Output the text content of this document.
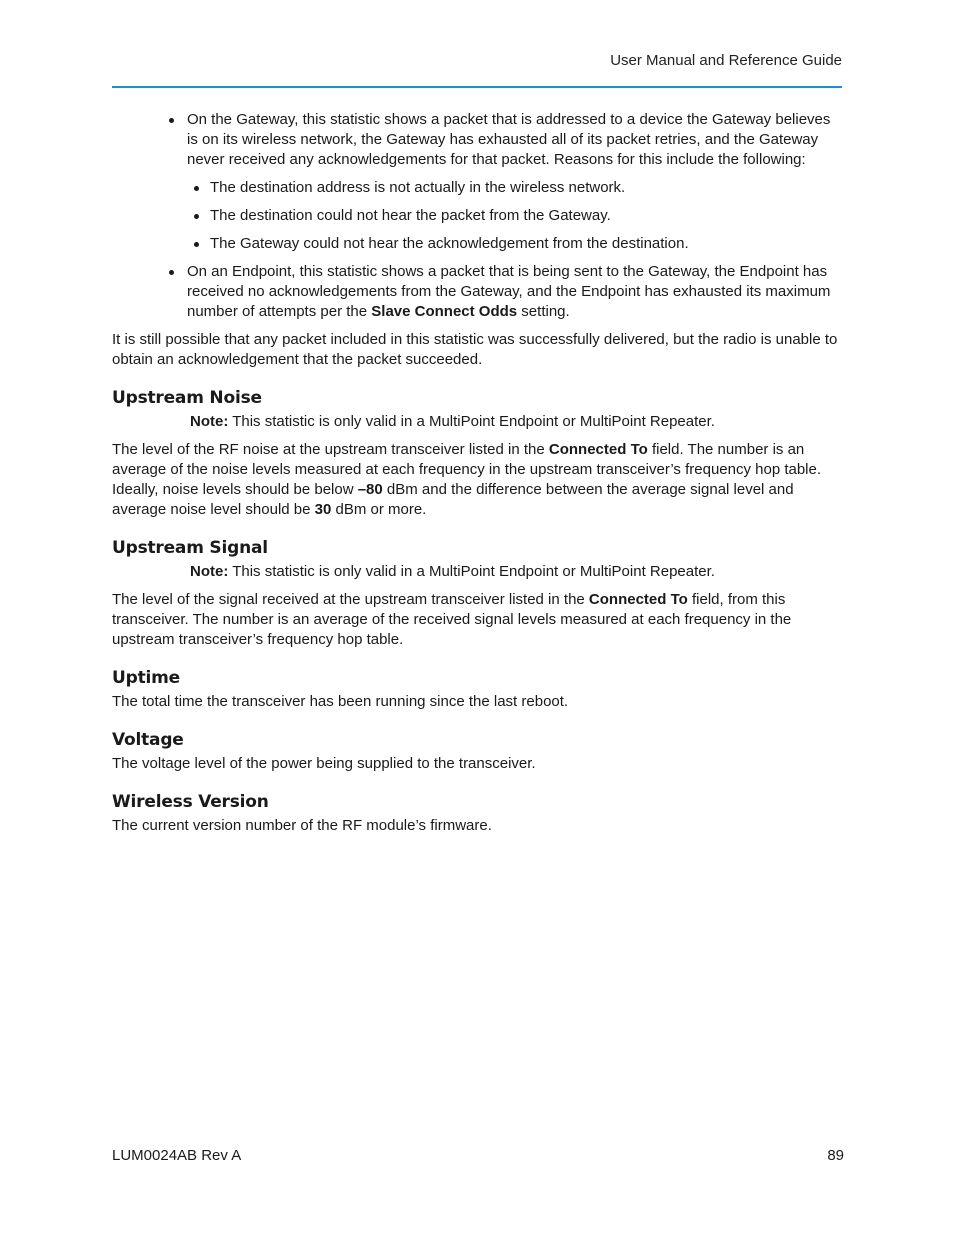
User Manual and Reference Guide
On the Gateway, this statistic shows a packet that is addressed to a device the Gateway believes is on its wireless network, the Gateway has exhausted all of its packet retries, and the Gateway never received any acknowledgements for that packet. Reasons for this include the following:
The destination address is not actually in the wireless network.
The destination could not hear the packet from the Gateway.
The Gateway could not hear the acknowledgement from the destination.
On an Endpoint, this statistic shows a packet that is being sent to the Gateway, the Endpoint has received no acknowledgements from the Gateway, and the Endpoint has exhausted its maximum number of attempts per the Slave Connect Odds setting.

It is still possible that any packet included in this statistic was successfully delivered, but the radio is unable to obtain an acknowledgement that the packet succeeded.

Upstream Noise

Note: This statistic is only valid in a MultiPoint Endpoint or MultiPoint Repeater.

The level of the RF noise at the upstream transceiver listed in the Connected To field. The number is an average of the noise levels measured at each frequency in the upstream transceiver’s frequency hop table. Ideally, noise levels should be below –80 dBm and the difference between the average signal level and average noise level should be 30 dBm or more.

Upstream Signal

Note: This statistic is only valid in a MultiPoint Endpoint or MultiPoint Repeater.

The level of the signal received at the upstream transceiver listed in the Connected To field, from this transceiver. The number is an average of the received signal levels measured at each frequency in the upstream transceiver’s frequency hop table.

Uptime

The total time the transceiver has been running since the last reboot.

Voltage

The voltage level of the power being supplied to the transceiver.

Wireless Version

The current version number of the RF module’s firmware.

LUM0024AB Rev A	89
